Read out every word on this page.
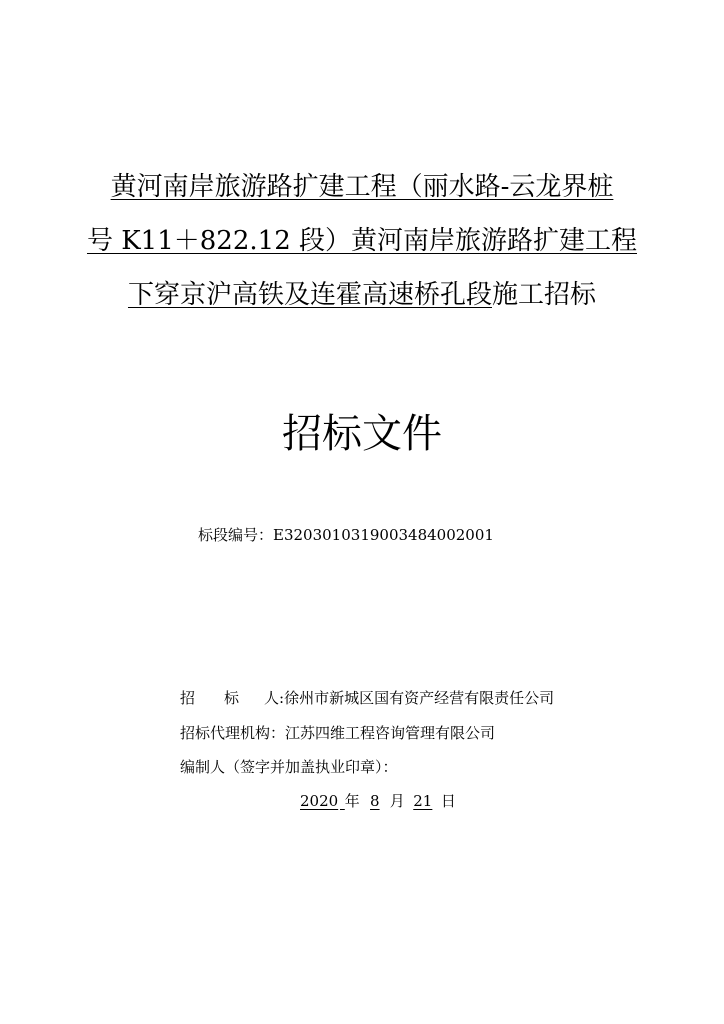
黄河南岸旅游路扩建工程（丽水路-云龙界桩
号 K11＋822.12 段）黄河南岸旅游路扩建工程
下穿京沪高铁及连霍高速桥孔段施工招标
招标文件
标段编号：E3203010319003484002001
招 标 人:徐州市新城区国有资产经营有限责任公司
招标代理机构：江苏四维工程咨询管理有限公司
编制人（签字并加盖执业印章）：
2020 年 8 月 21 日
